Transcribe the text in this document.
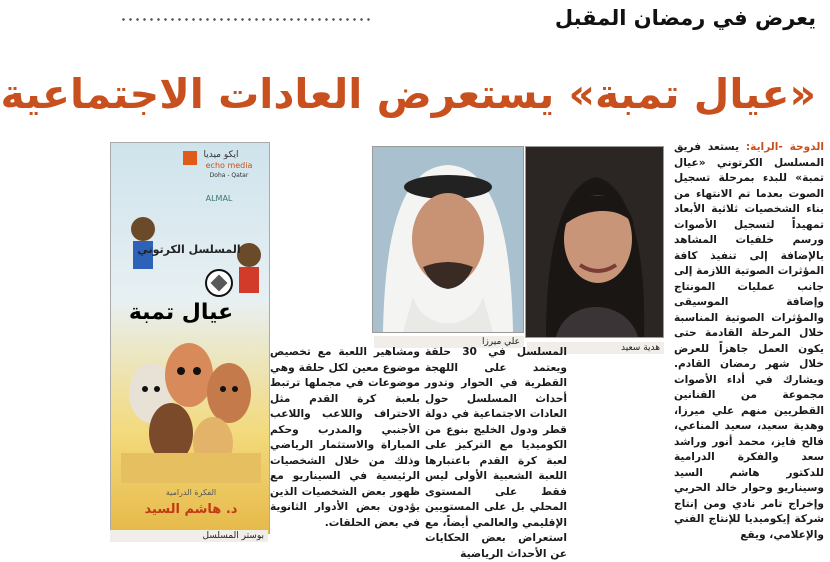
يعرض في رمضان المقبل
«عيال تمبة» يستعرض العادات الاجتماعية
الدوحة -الراية: يستعد فريق المسلسل الكرتوني «عيال تمبة» للبدء بمرحلة تسجيل الصوت بعدما تم الانتهاء من بناء الشخصيات ثلاثية الأبعاد تمهيداً لتسجيل الأصوات ورسم خلفيات المشاهد بالإضافة إلى تنفيذ كافة المؤثرات الصوتية اللازمة إلى جانب عمليات المونتاج وإضافة الموسيقى والمؤثرات الصوتية المناسبة خلال المرحلة القادمة حتى يكون العمل جاهزاً للعرض خلال شهر رمضان القادم. ويشارك في أداء الأصوات مجموعة من الفنانين القطريين منهم علي ميرزا، وهدية سعيد، سعيد المناعي، فالح فايز، محمد أنور وراشد سعد والفكرة الدرامية للدكتور هاشم السيد وسيناريو وحوار خالد الحربي وإخراج تامر نادي ومن إنتاج شركة إيكوميديا للإنتاج الفني والإعلامي، ويقع
هدية سعيد
علي ميرزا
المسلسل في 30 حلقة ويعتمد على اللهجة القطرية في الحوار وتدور أحداث المسلسل حول العادات الاجتماعية في دولة قطر ودول الخليج بنوع من الكوميديا مع التركيز على لعبة كرة القدم باعتبارها اللعبة الشعبية الأولى ليس فقط على المستوى المحلي بل على المستويين الإقليمي والعالمي أيضاً، مع استعراض بعض الحكايات عن الأحداث الرياضية
ومشاهير اللعبة مع تخصيص موضوع معين لكل حلقة وهي موضوعات في مجملها ترتبط بلعبة كرة القدم مثل الاحتراف واللاعب واللاعب الأجنبي والمدرب وحكم المباراة والاستثمار الرياضي وذلك من خلال الشخصيات الرئيسية في السيناريو مع ظهور بعض الشخصيات الذين يؤدون بعض الأدوار الثانوية في بعض الحلقات.
ايكو ميديا
echo media
Doha - Qatar
ALMAL
المسلسل الكرتوني
عيال تمبة
الفكرة الدرامية
د. هاشم السيد
بوستر المسلسل
